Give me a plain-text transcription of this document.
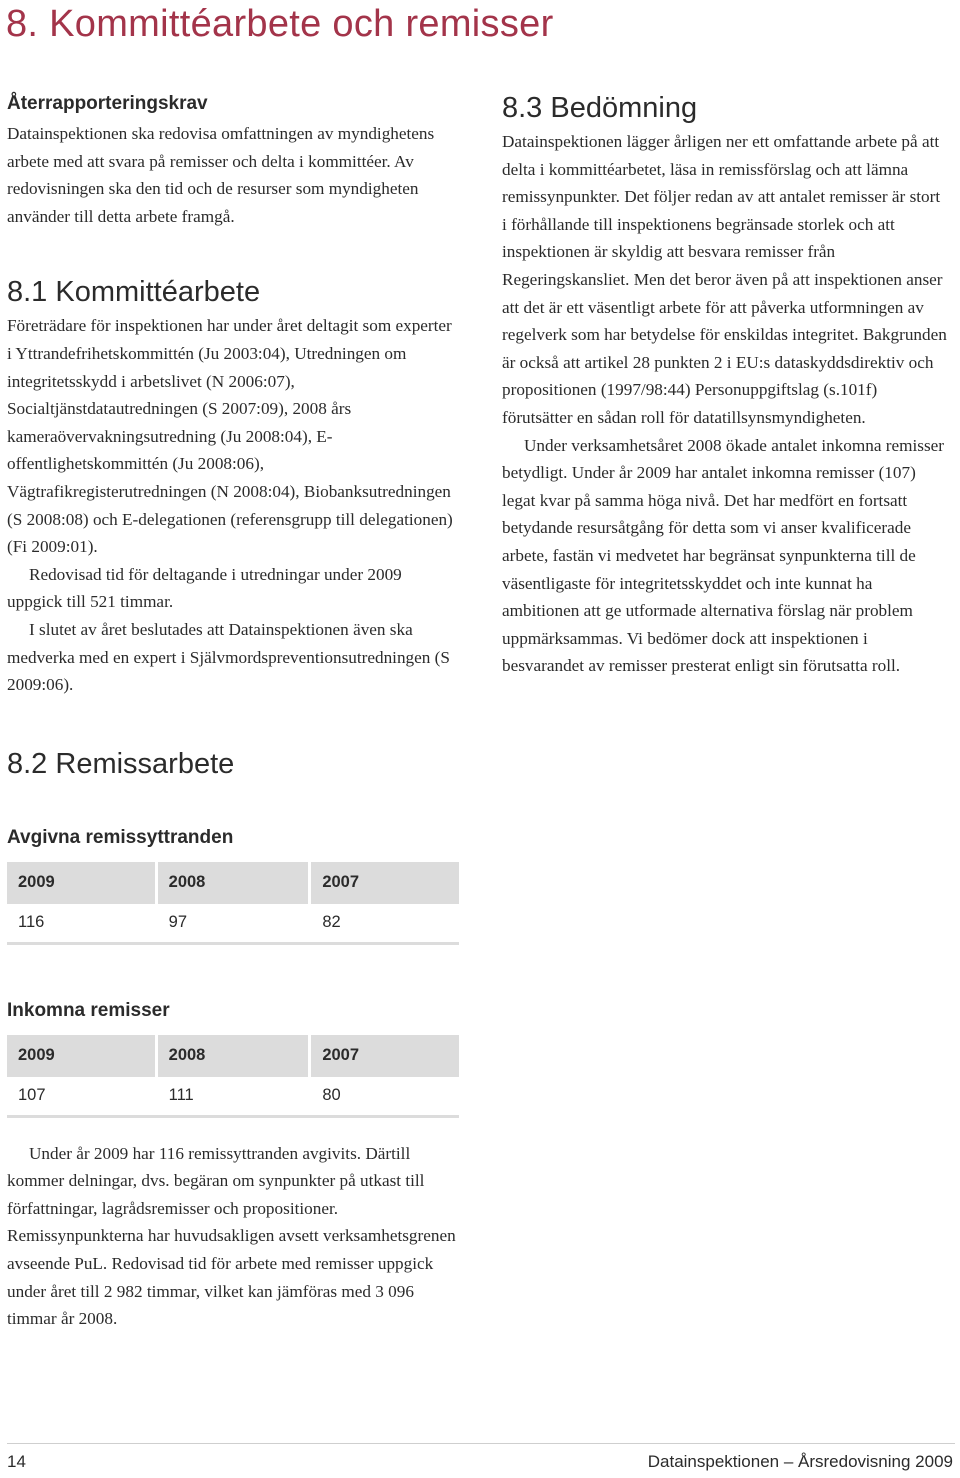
8. Kommittéarbete och remisser
Återrapporteringskrav

Datainspektionen ska redovisa omfattningen av myndighetens arbete med att svara på remisser och delta i kommittéer. Av redovisningen ska den tid och de resurser som myndigheten använder till detta arbete framgå.

8.1 Kommittéarbete

Företrädare för inspektionen har under året deltagit som experter i Yttrandefrihetskommittén (Ju 2003:04), Utredningen om integritetsskydd i arbetslivet (N 2006:07), Socialtjänstdatautredningen (S 2007:09), 2008 års kameraövervakningsutredning (Ju 2008:04), E-offentlighetskommittén (Ju 2008:06), Vägtrafikregisterutredningen (N 2008:04), Biobanksutredningen (S 2008:08) och E-delegationen (referensgrupp till delegationen) (Fi 2009:01).

Redovisad tid för deltagande i utredningar under 2009 uppgick till 521 timmar.

I slutet av året beslutades att Datainspektionen även ska medverka med en expert i Självmordspreventionsutredningen (S 2009:06).

8.2 Remissarbete
Avgivna remissyttranden
2009	2008	2007
116	97	82
Inkomna remisser
2009	2008	2007
107	111	80

Under år 2009 har 116 remissyttranden avgivits. Därtill kommer delningar, dvs. begäran om synpunkter på utkast till författningar, lagrådsremisser och propositioner. Remissynpunkterna har huvudsakligen avsett verksamhetsgrenen avseende PuL. Redovisad tid för arbete med remisser uppgick under året till 2 982 timmar, vilket kan jämföras med 3 096 timmar år 2008.

8.3 Bedömning

Datainspektionen lägger årligen ner ett omfattande arbete på att delta i kommittéarbetet, läsa in remissförslag och att lämna remissynpunkter. Det följer redan av att antalet remisser är stort i förhållande till inspektionens begränsade storlek och att inspektionen är skyldig att besvara remisser från Regeringskansliet. Men det beror även på att inspektionen anser att det är ett väsentligt arbete för att påverka utformningen av regelverk som har betydelse för enskildas integritet. Bakgrunden är också att artikel 28 punkten 2 i EU:s dataskyddsdirektiv och propositionen (1997/98:44) Personuppgiftslag (s.101f) förutsätter en sådan roll för datatillsynsmyndigheten.

Under verksamhetsåret 2008 ökade antalet inkomna remisser betydligt. Under år 2009 har antalet inkomna remisser (107) legat kvar på samma höga nivå. Det har medfört en fortsatt betydande resursåtgång för detta som vi anser kvalificerade arbete, fastän vi medvetet har begränsat synpunkterna till de väsentligaste för integritetsskyddet och inte kunnat ha ambitionen att ge utformade alternativa förslag när problem uppmärksammas. Vi bedömer dock att inspektionen i besvarandet av remisser presterat enligt sin förutsatta roll.

14	Datainspektionen – Årsredovisning 2009
